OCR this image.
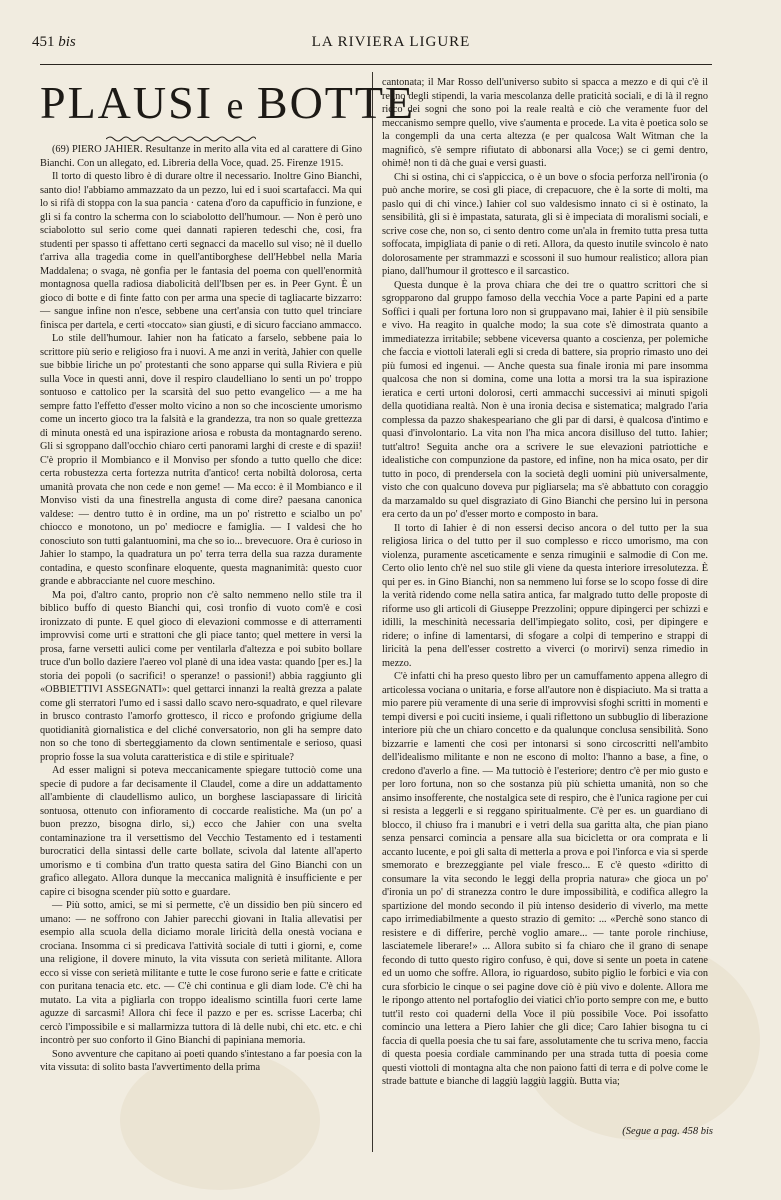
451 bis	LA RIVIERA LIGURE
PLAUSI e BOTTE

(69) PIERO JAHIER. Resultanze in merito alla vita ed al carattere di Gino Bianchi. Con un allegato, ed. Libreria della Voce, quad. 25. Firenze 1915.

Il torto di questo libro è di durare oltre il necessario. Inoltre Gino Bianchi, santo dio! l'abbiamo ammazzato da un pezzo, lui ed i suoi scartafacci. Ma qui lo si rifà di stoppa con la sua pancia · catena d'oro da capufficio in funzione, e gli si fa contro la scherma con lo sciabolotto dell'humour. — Non è però uno sciabolotto sul serio come quei dannati rapieren tedeschi che, cosi, fra studenti per spasso ti affettano certi segnacci da macello sul viso; nè il duello t'arriva alla tragedia come in quell'antiborghese dell'Hebbel nella Maria Maddalena; o svaga, nè gonfia per le fantasia del poema con quell'enormità montagnosa quella radiosa diabolicità dell'Ibsen per es. in Peer Gynt. È un gioco di botte e di finte fatto con per arma una specie di tagliacarte bizzarro: — sangue infine non n'esce, sebbene una cert'ansia con tutto quel trinciare finisca per dartela, e certi «toccato» sian giusti, e di sicuro facciano ammacco.

Lo stile dell'humour. Iahier non ha faticato a farselo, sebbene paia lo scrittore più serio e religioso fra i nuovi. A me anzi in verità, Jahier con quelle sue bibbie liriche un po' protestanti che sono apparse qui sulla Riviera e più sulla Voce in questi anni, dove il respiro claudelliano lo senti un po' troppo sontuoso e cattolico per la scarsità del suo petto evangelico — a me ha sempre fatto l'effetto d'esser molto vicino a non so che incosciente umorismo come un incerto gioco tra la falsità e la grandezza, tra non so quale grettezza di minuta onestà ed una ispirazione ariosa e robusta da montagnardo sereno. Gli si sgroppano dall'occhio chiaro certi panorami larghi di creste e di spazii! C'è proprio il Mombianco e il Monviso per sfondo a tutto quello che dice: certa robustezza certa fortezza nutrita d'antico! certa nobiltà dolorosa, certa umanità provata che non cede e non geme! — Ma ecco: è il Mombianco e il Monviso visti da una finestrella angusta di come dire? paesana canonica valdese: — dentro tutto è in ordine, ma un po' ristretto e scialbo un po' chiocco e monotono, un po' mediocre e famiglia. — I valdesi che ho conosciuto son tutti galantuomini, ma che so io... brevecuore. Ora è curioso in Jahier lo stampo, la quadratura un po' terra terra della sua razza duramente contadina, e questo sconfinare eloquente, questa magnanimità: questo cuor grande e abbracciante nel cuore meschino.

Ma poi, d'altro canto, proprio non c'è salto nemmeno nello stile tra il biblico buffo di questo Bianchi qui, così tronfio di vuoto com'è e così ironizzato di punte. E quel gioco di elevazioni commosse e di atterramenti improvvisi come urti e strattoni che gli piace tanto; quel mettere in versi la prosa, farne versetti aulici come per ventilarla d'altezza e poi subito bollare truce d'un bollo daziere l'aereo vol planè di una idea vasta: quando [per es.] la storia dei popoli (o sacrifici! o speranze! o passioni!) abbia raggiunto gli «OBBIETTIVI ASSEGNATI»: quel gettarci innanzi la realtà grezza a palate come gli sterratori l'umo ed i sassi dallo scavo nero-squadrato, e quel rilevare in brusco contrasto l'amorfo grottesco, il ricco e profondo grigiume della quotidianità giornalistica e del cliché conversatorio, non gli ha sempre dato non so che tono di sberteggiamento da clown sentimentale e serioso, quasi proprio fosse la sua voluta caratteristica e di stile e spirituale?

Ad esser maligni si poteva meccanicamente spiegare tuttociò come una specie di pudore a far decisamente il Claudel, come a dire un addattamento all'ambiente di claudellismo aulico, un borghese lasciapassare di liricità sontuosa, ottenuto con infioramento di coccarde realistiche. Ma (un po' a buon prezzo, bisogna dirlo, si,) ecco che Jahier con una svelta contaminazione tra il versettismo del Vecchio Testamento ed i testamenti burocratici della sintassi delle carte bollate, scivola dal latente all'aperto umorismo e ti combina d'un tratto questa satira del Gino Bianchi con un grafico allegato. Allora dunque la meccanica malignità è insufficiente e per capire ci bisogna scender più sotto e guardare.

— Più sotto, amici, se mi si permette, c'è un dissidio ben più sincero ed umano: — ne soffrono con Jahier parecchi giovani in Italia allevatisi per esempio alla scuola della diciamo morale liricità della onestà vociana e crociana. Insomma ci si predicava l'attività sociale di tutti i giorni, e, come una religione, il dovere minuto, la vita vissuta con serietà militante. Allora ecco si visse con serietà militante e tutte le cose furono serie e fatte e criticate con puritana tenacia etc. etc. — C'è chi continua e gli diam lode. C'è chi ha mutato. La vita a pigliarla con troppo idealismo scintilla fuori certe lame aguzze di sarcasmi! Allora chi fece il pazzo e per es. scrisse Lacerba; chi cercò l'impossibile e si mallarmizza tuttora di là delle nubi, chi etc. etc. e chi incontrò per suo conforto il Gino Bianchi di papiniana memoria.

Sono avventure che capitano ai poeti quando s'intestano a far poesia con la vita vissuta: di solito basta l'avvertimento della prima

cantonata; il Mar Rosso dell'universo subito si spacca a mezzo e di qui c'è il regno degli stipendi, la varia mescolanza delle praticità sociali, e di là il regno ricco dei sogni che sono poi la reale realtà e ciò che veramente fuor del meccanismo sempre quello, vive s'aumenta e procede. La vita è poetica solo se la congempli da una certa altezza (e per qualcosa Walt Witman che la magnificò, s'è sempre rifiutato di abbonarsi alla Voce;) se ci gemi dentro, ohimè! non ti dà che guai e versi guasti.

Chi si ostina, chi ci s'appiccica, o è un bove o sfocia perforza nell'ironia (o può anche morire, se così gli piace, di crepacuore, che è la sorte di molti, ma paslo qui di chi vince.) Iahier col suo valdesismo innato ci si è ostinato, la sensibilità, gli si è impastata, saturata, gli si è impeciata di moralismi sociali, e scrive cose che, non so, ci sento dentro come un'ala in fremito tutta presa tutta soffocata, impigliata di panie o di reti. Allora, da questo inutile svincolo è nato dolorosamente per strammazzi e scossoni il suo humour realistico; allora pian piano, dall'humour il grottesco e il sarcastico.

Questa dunque è la prova chiara che dei tre o quattro scrittori che si sgropparono dal gruppo famoso della vecchia Voce a parte Papini ed a parte Soffici i quali per fortuna loro non si gruppavano mai, Iahier è il più sensibile e vivo. Ha reagito in qualche modo; la sua cote s'è dimostrata quanto a immediatezza irritabile; sebbene viceversa quanto a coscienza, per polemiche che faccia e viottoli laterali egli si creda di battere, sia proprio rimasto uno dei più fumosi ed ingenui. — Anche questa sua finale ironia mi pare insomma qualcosa che non si domina, come una lotta a morsi tra la sua ispirazione ieratica e certi urtoni dolorosi, certi ammacchi successivi ai minuti spigoli della quotidiana realtà. Non è una ironia decisa e sistematica; malgrado l'aria complessa da pazzo shakespeariano che gli par di darsi, è qualcosa d'intimo e quasi d'involontario. La vita non l'ha mica ancora disilluso del tutto. Iahier; tutt'altro! Seguita anche ora a scrivere le sue elevazioni patriottiche e idealistiche con compunzione da pastore, ed infine, non ha mica osato, per dir tutto in poco, di prendersela con la società degli uomini più universalmente, visto che con qualcuno doveva pur pigliarsela; ma s'è abbattuto con coraggio da marzamaldo su quel disgraziato di Gino Bianchi che persino lui in persona era certo da un po' d'esser morto e composto in bara.

Il torto di Iahier è di non essersi deciso ancora o del tutto per la sua religiosa lirica o del tutto per il suo complesso e ricco umorismo, ma con violenza, puramente asceticamente e senza rimuginii e salmodie di Con me. Certo olio lento ch'è nel suo stile gli viene da questa interiore irresolutezza. È qui per es. in Gino Bianchi, non sa nemmeno lui forse se lo scopo fosse di dire la verità ridendo come nella satira antica, far malgrado tutto delle proposte di riforme uso gli articoli di Giuseppe Prezzolini; oppure dipingerci per schizzi e idilli, la meschinità necessaria dell'impiegato solito, così, per dipingere e ridere; o infine di lamentarsi, di sfogare a colpi di temperino e strappi di liricità la pena dell'esser costretto a viverci (o morirvi) senza rimedio in mezzo.

C'è infatti chi ha preso questo libro per un camuffamento appena allegro di articolessa vociana o unitaria, e forse all'autore non è dispiaciuto. Ma si tratta a mio parere più veramente di una serie di improvvisi sfoghi scritti in momenti e tempi diversi e poi cuciti insieme, i quali riflettono un subbuglio di liberazione interiore più che un chiaro concetto e da qualunque conclusa sensibilità. Sono bizzarrie e lamenti che così per intonarsi si sono circoscritti nell'ambito dell'idealismo militante e non ne escono di molto: l'hanno a base, a fine, o credono d'averlo a fine. — Ma tuttociò è l'esteriore; dentro c'è per mio gusto e per loro fortuna, non so che sostanza più più schietta umanità, non so che ansimo insofferente, che nostalgica sete di respiro, che è l'unica ragione per cui si resista a leggerli e si reggano spiritualmente. C'è per es. un guardiano di blocco, il chiuso fra i manubri e i vetri della sua garitta alta, che pian piano senza pensarci comincia a pensare alla sua bicicletta or ora comprata e li accanto lucente, e poi gli salta di metterla a prova e poi l'inforca e via si sperde smemorato e brezzeggiante pel viale fresco... E c'è questo «diritto di consumare la vita secondo le leggi della propria natura» che gioca un po' d'ironia un po' di stranezza contro le dure impossibilità, e codifica allegro la spartizione del mondo secondo il più intenso desiderio di viverlo, ma mette capo irrimediabilmente a questo strazio di gemito: ... «Perchè sono stanco di resistere e di differire, perchè voglio amare... — tante porole rinchiuse, lasciatemele liberare!» ... Allora subito si fa chiaro che il grano di senape fecondo di tutto questo rigiro confuso, è qui, dove si sente un poeta in catene ed un uomo che soffre. Allora, io riguardoso, subito piglio le forbici e via con cura sforbicio le cinque o sei pagine dove ciò è più vivo e dolente. Allora me le ripongo attento nel portafoglio dei viatici ch'io porto sempre con me, e butto tutt'il resto coi quaderni della Voce il più possibile Voce. Poi issofatto comincio una lettera a Piero Iahier che gli dice; Caro Iahier bisogna tu ci faccia di quella poesia che tu sai fare, assolutamente che tu scriva meno, faccia di questa poesia cordiale camminando per una strada tutta di poesia come questi viottoli di montagna alta che non paiono fatti di terra e di polve come le strade battute e bianche di laggiù laggiù laggiù. Butta via;

(Segue a pag. 458 bis
